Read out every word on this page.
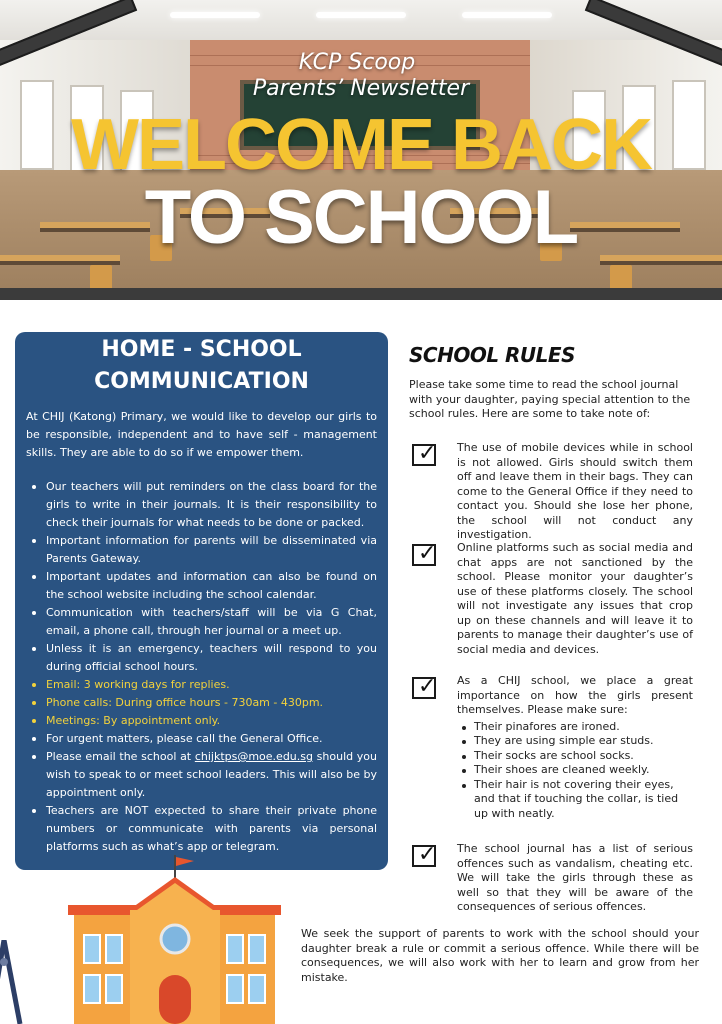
KCP Scoop
Parents’ Newsletter
WELCOME BACK
TO SCHOOL
HOME - SCHOOL COMMUNICATION

At CHIJ (Katong) Primary, we would like to develop our girls to be responsible, independent and to have self - management skills. They are able to do so if we empower them.

Our teachers will put reminders on the class board for the girls to write in their journals. It is their responsibility to check their journals for what needs to be done or packed.
Important information for parents will be disseminated via Parents Gateway.
Important updates and information can also be found on the school website including the school calendar.
Communication with teachers/staff will be via G Chat, email, a phone call, through her journal or a meet up.
Unless it is an emergency, teachers will respond to you during official school hours.
Email: 3 working days for replies.
Phone calls: During office hours - 730am - 430pm.
Meetings: By appointment only.
For urgent matters, please call the General Office.
Please email the school at chijktps@moe.edu.sg should you wish to speak to or meet school leaders. This will also be by appointment only.
Teachers are NOT expected to share their private phone numbers or communicate with parents via personal platforms such as what’s app or telegram.
SCHOOL RULES

Please take some time to read the school journal with your daughter, paying special attention to the school rules. Here are some to take note of:

✓ The use of mobile devices while in school is not allowed. Girls should switch them off and leave them in their bags. They can come to the General Office if they need to contact you. Should she lose her phone, the school will not conduct any investigation.

✓ Online platforms such as social media and chat apps are not sanctioned by the school. Please monitor your daughter’s use of these platforms closely. The school will not investigate any issues that crop up on these channels and will leave it to parents to manage their daughter’s use of social media and devices.

✓ As a CHIJ school, we place a great importance on how the girls present themselves. Please make sure:

Their pinafores are ironed.
They are using simple ear studs.
Their socks are school socks.
Their shoes are cleaned weekly.
Their hair is not covering their eyes, and that if touching the collar, is tied up with neatly.
✓ The school journal has a list of serious offences such as vandalism, cheating etc. We will take the girls through these as well so that they will be aware of the consequences of serious offences.

We seek the support of parents to work with the school should your daughter break a rule or commit a serious offence. While there will be consequences, we will also work with her to learn and grow from her mistake.
